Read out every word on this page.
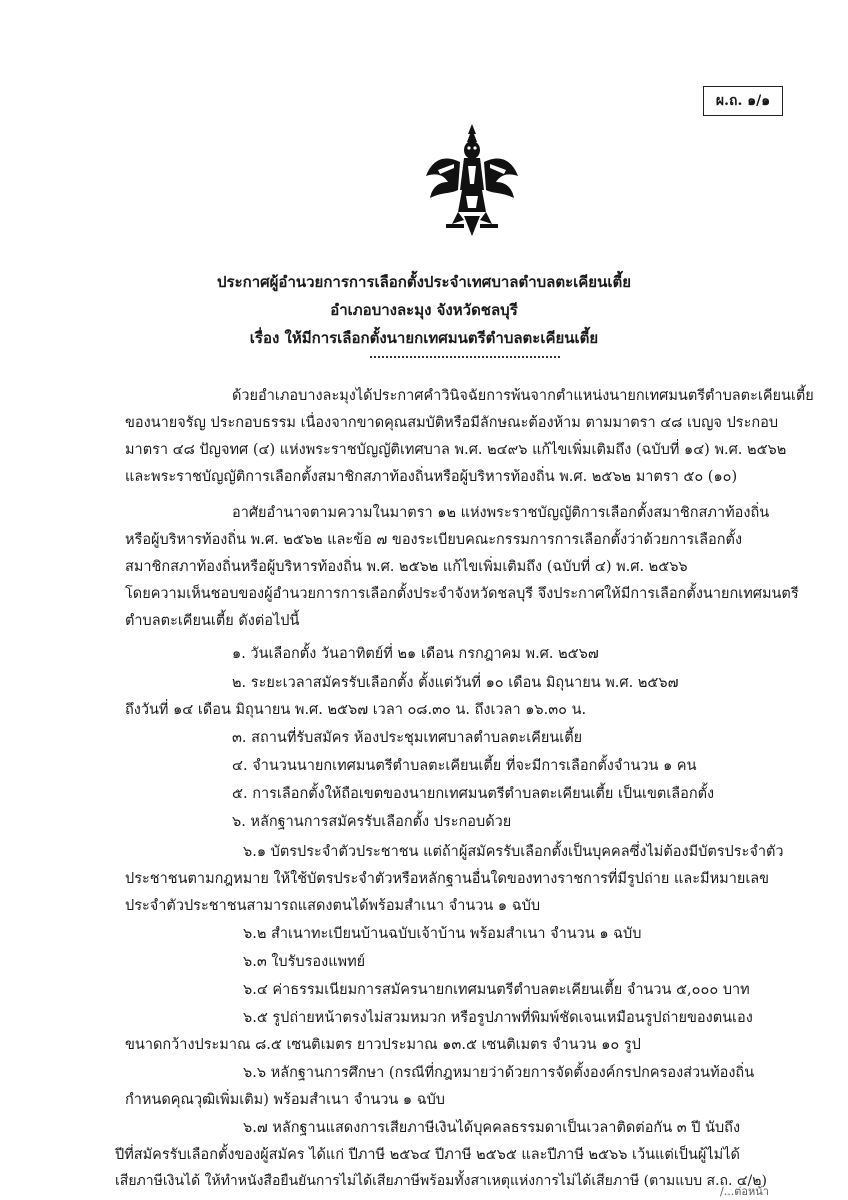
ผ.ถ. ๑/๑
ประกาศผู้อำนวยการการเลือกตั้งประจำเทศบาลตำบลตะเคียนเตี้ย
อำเภอบางละมุง จังหวัดชลบุรี
เรื่อง ให้มีการเลือกตั้งนายกเทศมนตรีตำบลตะเคียนเตี้ย
ด้วยอำเภอบางละมุงได้ประกาศคำวินิจฉัยการพ้นจากตำแหน่งนายกเทศมนตรีตำบลตะเคียนเตี้ย
ของนายจรัญ ประกอบธรรม เนื่องจากขาดคุณสมบัติหรือมีลักษณะต้องห้าม ตามมาตรา ๔๘ เบญจ ประกอบ
มาตรา ๔๘ ปัญจทศ (๔) แห่งพระราชบัญญัติเทศบาล พ.ศ. ๒๔๙๖ แก้ไขเพิ่มเติมถึง (ฉบับที่ ๑๔) พ.ศ. ๒๕๖๒
และพระราชบัญญัติการเลือกตั้งสมาชิกสภาท้องถิ่นหรือผู้บริหารท้องถิ่น พ.ศ. ๒๕๖๒ มาตรา ๕๐ (๑๐)
อาศัยอำนาจตามความในมาตรา ๑๒ แห่งพระราชบัญญัติการเลือกตั้งสมาชิกสภาท้องถิ่น
หรือผู้บริหารท้องถิ่น พ.ศ. ๒๕๖๒ และข้อ ๗ ของระเบียบคณะกรรมการการเลือกตั้งว่าด้วยการเลือกตั้ง
สมาชิกสภาท้องถิ่นหรือผู้บริหารท้องถิ่น พ.ศ. ๒๕๖๒ แก้ไขเพิ่มเติมถึง (ฉบับที่ ๔) พ.ศ. ๒๕๖๖
โดยความเห็นชอบของผู้อำนวยการการเลือกตั้งประจำจังหวัดชลบุรี จึงประกาศให้มีการเลือกตั้งนายกเทศมนตรี
ตำบลตะเคียนเตี้ย ดังต่อไปนี้
๑. วันเลือกตั้ง วันอาทิตย์ที่ ๒๑ เดือน กรกฎาคม พ.ศ. ๒๕๖๗
๒. ระยะเวลาสมัครรับเลือกตั้ง ตั้งแต่วันที่ ๑๐ เดือน มิถุนายน พ.ศ. ๒๕๖๗
ถึงวันที่ ๑๔ เดือน มิถุนายน พ.ศ. ๒๕๖๗ เวลา ๐๘.๓๐ น. ถึงเวลา ๑๖.๓๐ น.
๓. สถานที่รับสมัคร ห้องประชุมเทศบาลตำบลตะเคียนเตี้ย
๔. จำนวนนายกเทศมนตรีตำบลตะเคียนเตี้ย ที่จะมีการเลือกตั้งจำนวน ๑ คน
๕. การเลือกตั้งให้ถือเขตของนายกเทศมนตรีตำบลตะเคียนเตี้ย เป็นเขตเลือกตั้ง
๖. หลักฐานการสมัครรับเลือกตั้ง ประกอบด้วย
๖.๑ บัตรประจำตัวประชาชน แต่ถ้าผู้สมัครรับเลือกตั้งเป็นบุคคลซึ่งไม่ต้องมีบัตรประจำตัว
ประชาชนตามกฎหมาย ให้ใช้บัตรประจำตัวหรือหลักฐานอื่นใดของทางราชการที่มีรูปถ่าย และมีหมายเลข
ประจำตัวประชาชนสามารถแสดงตนได้พร้อมสำเนา จำนวน ๑ ฉบับ
๖.๒ สำเนาทะเบียนบ้านฉบับเจ้าบ้าน พร้อมสำเนา จำนวน ๑ ฉบับ
๖.๓ ใบรับรองแพทย์
๖.๔ ค่าธรรมเนียมการสมัครนายกเทศมนตรีตำบลตะเคียนเตี้ย จำนวน ๕,๐๐๐ บาท
๖.๕ รูปถ่ายหน้าตรงไม่สวมหมวก หรือรูปภาพที่พิมพ์ชัดเจนเหมือนรูปถ่ายของตนเอง
ขนาดกว้างประมาณ ๘.๕ เซนติเมตร ยาวประมาณ ๑๓.๕ เซนติเมตร จำนวน ๑๐ รูป
๖.๖ หลักฐานการศึกษา (กรณีที่กฎหมายว่าด้วยการจัดตั้งองค์กรปกครองส่วนท้องถิ่น
กำหนดคุณวุฒิเพิ่มเติม) พร้อมสำเนา จำนวน ๑ ฉบับ
๖.๗ หลักฐานแสดงการเสียภาษีเงินได้บุคคลธรรมดาเป็นเวลาติดต่อกัน ๓ ปี นับถึง
ปีที่สมัครรับเลือกตั้งของผู้สมัคร ได้แก่ ปีภาษี ๒๕๖๔ ปีภาษี ๒๕๖๕ และปีภาษี ๒๕๖๖ เว้นแต่เป็นผู้ไม่ได้
เสียภาษีเงินได้ ให้ทำหนังสือยืนยันการไม่ได้เสียภาษีพร้อมทั้งสาเหตุแห่งการไม่ได้เสียภาษี (ตามแบบ ส.ถ. ๔/๒)
/...ต่อหน้า
